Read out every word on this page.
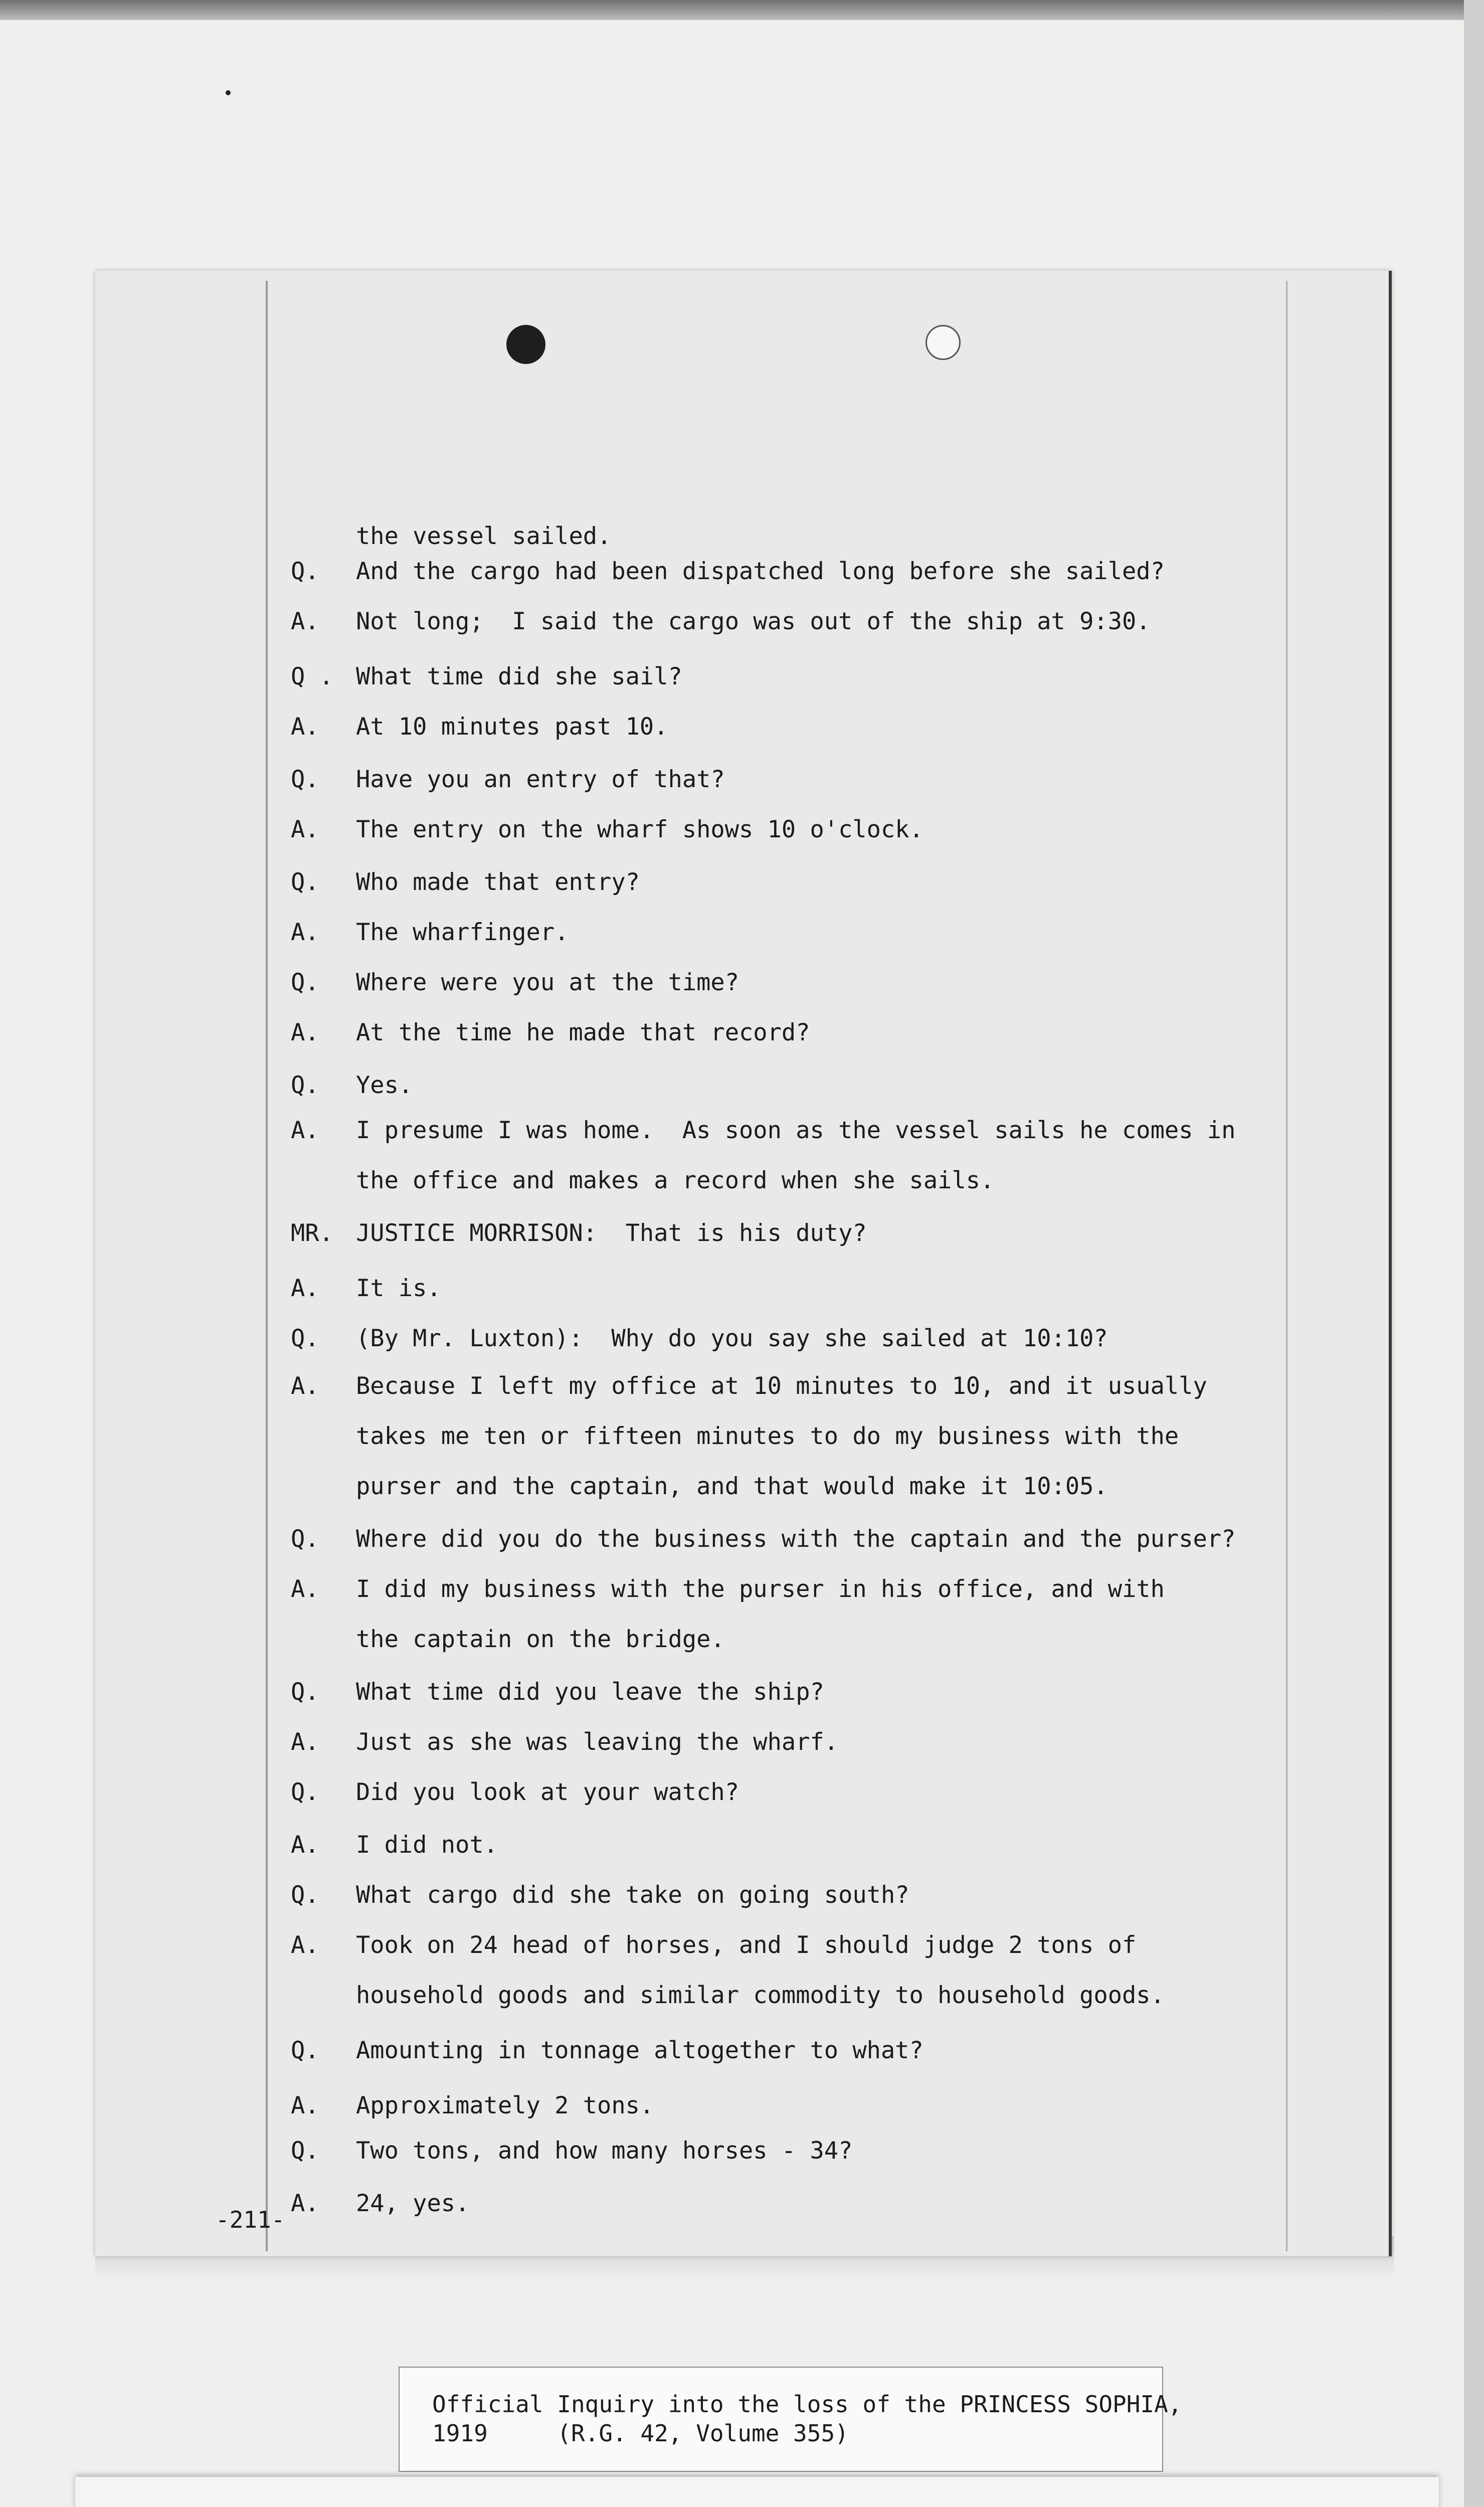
the vessel sailed.
Q. And the cargo had been dispatched long before she sailed?
A. Not long;  I said the cargo was out of the ship at 9:30.
Q . What time did she sail?
A. At 10 minutes past 10.
Q. Have you an entry of that?
A. The entry on the wharf shows 10 o'clock.
Q. Who made that entry?
A. The wharfinger.
Q. Where were you at the time?
A. At the time he made that record?
Q. Yes.
A. I presume I was home.  As soon as the vessel sails he comes in
the office and makes a record when she sails.
MR. JUSTICE MORRISON:  That is his duty?
A. It is.
Q. (By Mr. Luxton):  Why do you say she sailed at 10:10?
A. Because I left my office at 10 minutes to 10, and it usually
takes me ten or fifteen minutes to do my business with the
purser and the captain, and that would make it 10:05.
Q. Where did you do the business with the captain and the purser?
A. I did my business with the purser in his office, and with
the captain on the bridge.
Q. What time did you leave the ship?
A. Just as she was leaving the wharf.
Q. Did you look at your watch?
A. I did not.
Q. What cargo did she take on going south?
A. Took on 24 head of horses, and I should judge 2 tons of
household goods and similar commodity to household goods.
Q. Amounting in tonnage altogether to what?
A. Approximately 2 tons.
Q. Two tons, and how many horses - 34?
A. 24, yes.
-211-
Official Inquiry into the loss of the PRINCESS SOPHIA,
1919     (R.G. 42, Volume 355)
